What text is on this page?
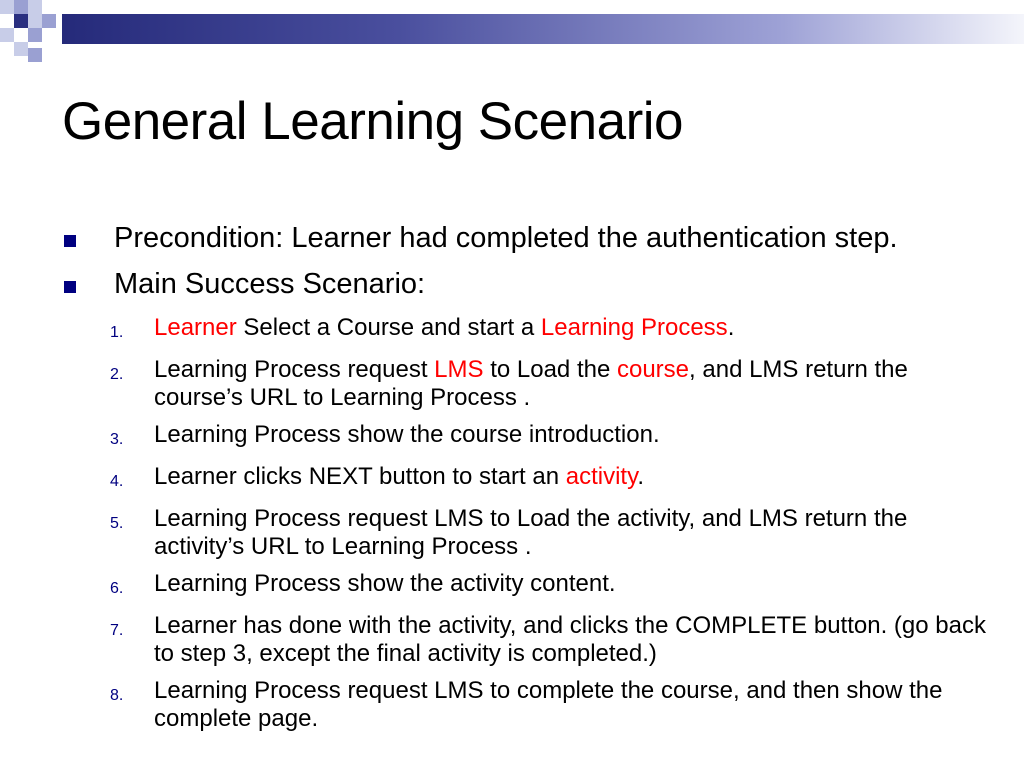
General Learning Scenario
Precondition: Learner had completed the authentication step.
Main Success Scenario:
1.	Learner Select a Course and start a Learning Process.
2.	Learning Process request LMS to Load the course, and LMS return the course’s URL to Learning Process .
3.	Learning Process show the course introduction.
4.	Learner clicks NEXT button to start an activity.
5.	Learning Process request LMS to Load the activity, and LMS return the activity’s URL to Learning Process .
6.	Learning Process show the activity content.
7.	Learner has done with the activity, and clicks the COMPLETE button. (go back to step 3, except the final activity is completed.)
8.	Learning Process request LMS to complete the course, and then show the complete page.
